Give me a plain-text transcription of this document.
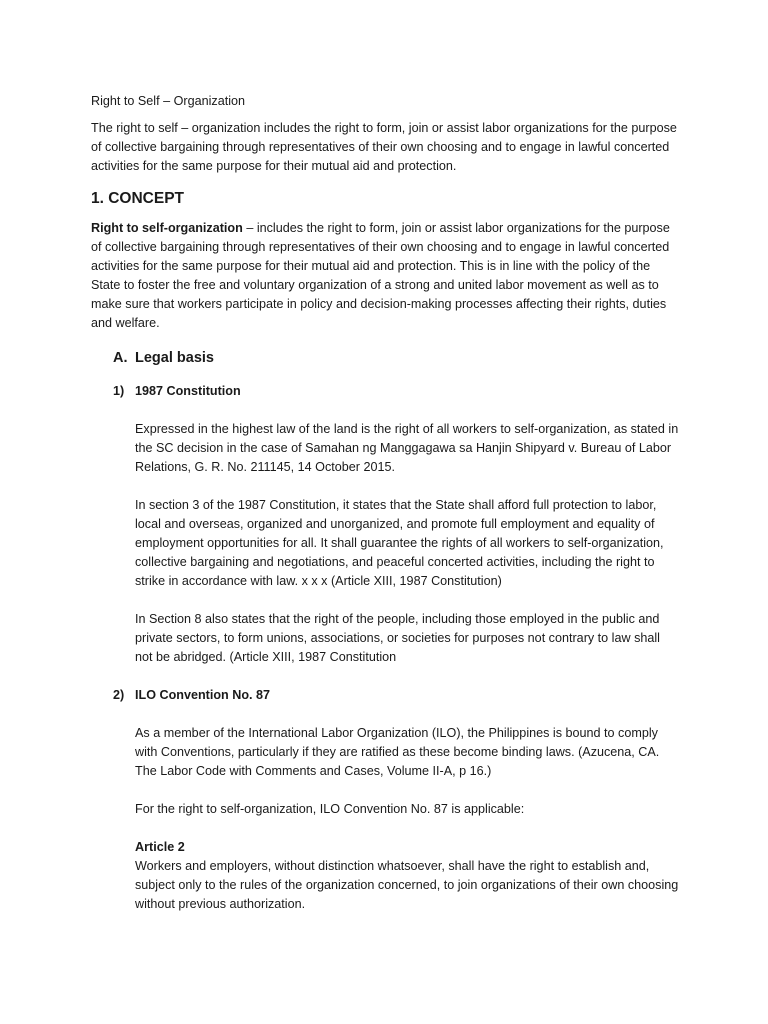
Right to Self – Organization

The right to self – organization includes the right to form, join or assist labor organizations for the purpose of collective bargaining through representatives of their own choosing and to engage in lawful concerted activities for the same purpose for their mutual aid and protection.

1. CONCEPT

Right to self-organization – includes the right to form, join or assist labor organizations for the purpose of collective bargaining through representatives of their own choosing and to engage in lawful concerted activities for the same purpose for their mutual aid and protection. This is in line with the policy of the State to foster the free and voluntary organization of a strong and united labor movement as well as to make sure that workers participate in policy and decision-making processes affecting their rights, duties and welfare.

A. Legal basis
1) 1987 Constitution

Expressed in the highest law of the land is the right of all workers to self-organization, as stated in the SC decision in the case of Samahan ng Manggagawa sa Hanjin Shipyard v. Bureau of Labor Relations, G. R. No. 211145, 14 October 2015.

In section 3 of the 1987 Constitution, it states that the State shall afford full protection to labor, local and overseas, organized and unorganized, and promote full employment and equality of employment opportunities for all. It shall guarantee the rights of all workers to self-organization, collective bargaining and negotiations, and peaceful concerted activities, including the right to strike in accordance with law. x x x (Article XIII, 1987 Constitution)

In Section 8 also states that the right of the people, including those employed in the public and private sectors, to form unions, associations, or societies for purposes not contrary to law shall not be abridged. (Article XIII, 1987 Constitution

2) ILO Convention No. 87

As a member of the International Labor Organization (ILO), the Philippines is bound to comply with Conventions, particularly if they are ratified as these become binding laws. (Azucena, CA. The Labor Code with Comments and Cases, Volume II-A, p 16.)

For the right to self-organization, ILO Convention No. 87 is applicable:

Article 2

Workers and employers, without distinction whatsoever, shall have the right to establish and, subject only to the rules of the organization concerned, to join organizations of their own choosing without previous authorization.
